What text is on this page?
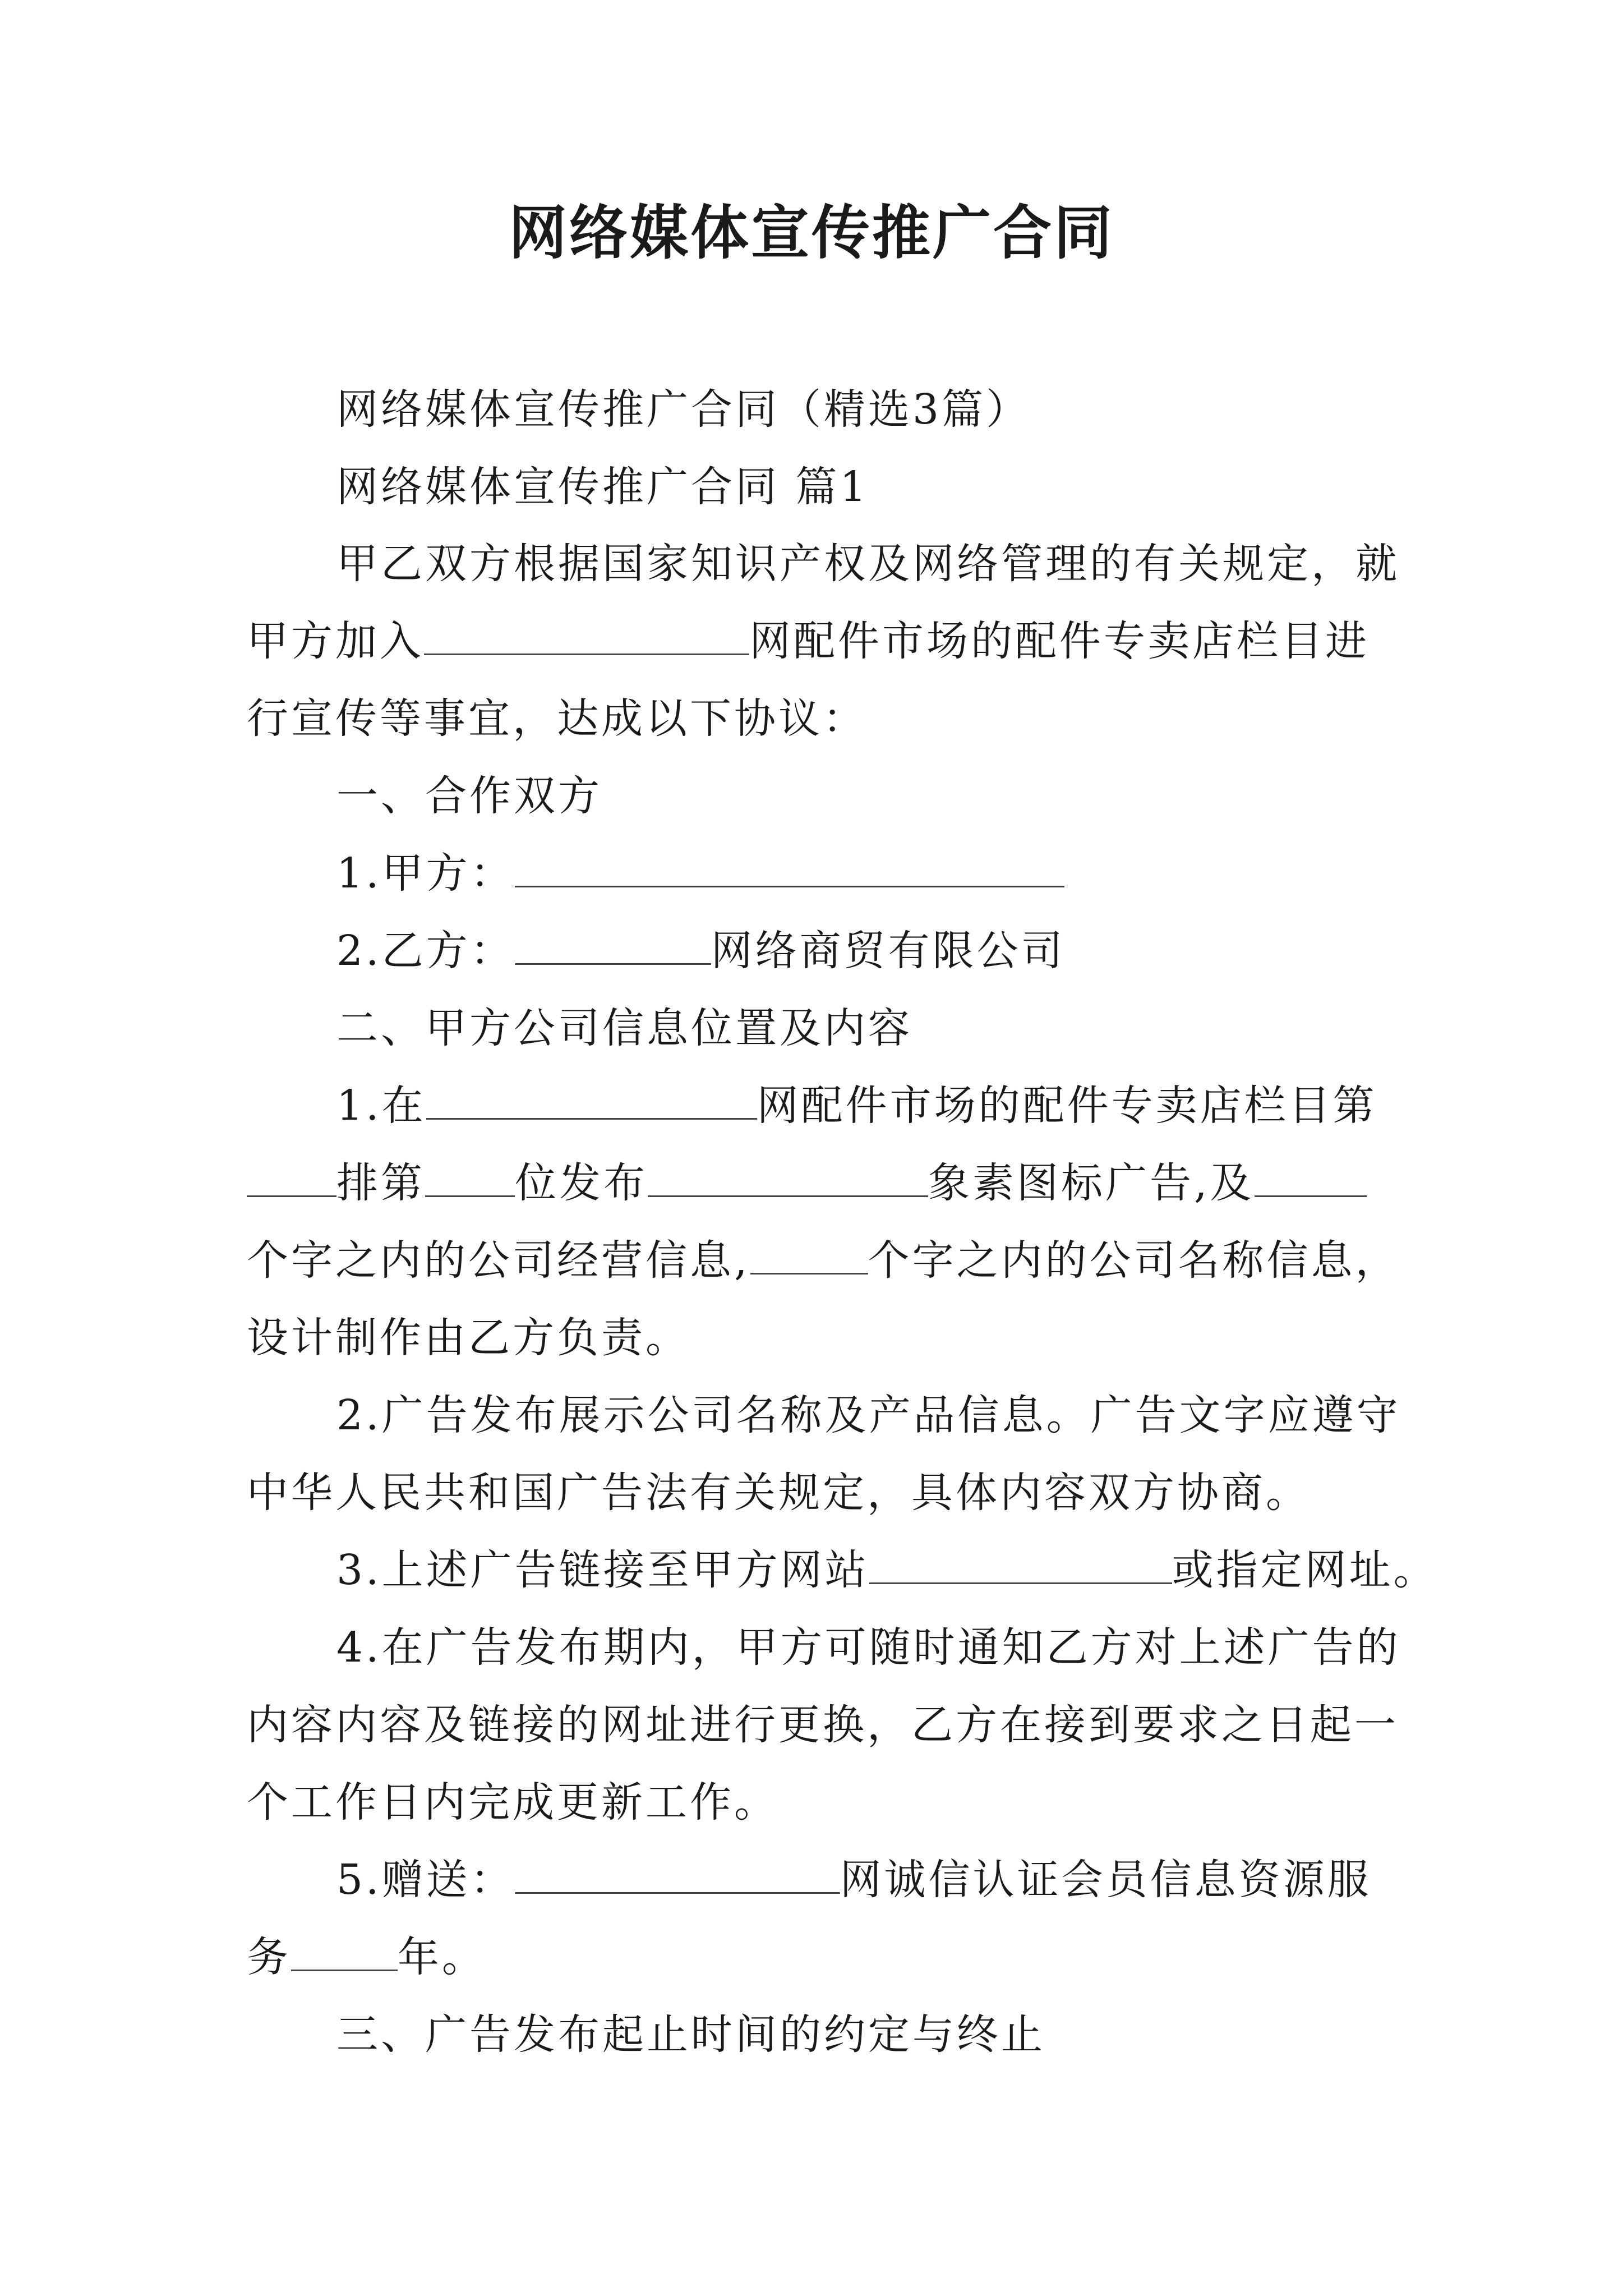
网络媒体宣传推广合同
网络媒体宣传推广合同（精选3篇）
网络媒体宣传推广合同 篇1
甲乙双方根据国家知识产权及网络管理的有关规定，就
甲方加入	网配件市场的配件专卖店栏目进
行宣传等事宜，达成以下协议：
一、合作双方
1.甲方：
2.乙方：	网络商贸有限公司
二、甲方公司信息位置及内容
1.在	网配件市场的配件专卖店栏目第
排第 位发布	象素图标广告,及
个字之内的公司经营信息,	个字之内的公司名称信息，
设计制作由乙方负责。
2.广告发布展示公司名称及产品信息。广告文字应遵守
中华人民共和国广告法有关规定，具体内容双方协商。
3.上述广告链接至甲方网站	或指定网址。
4.在广告发布期内，甲方可随时通知乙方对上述广告的
内容内容及链接的网址进行更换，乙方在接到要求之日起一
个工作日内完成更新工作。
5.赠送：	网诚信认证会员信息资源服
务	年。
三、广告发布起止时间的约定与终止
